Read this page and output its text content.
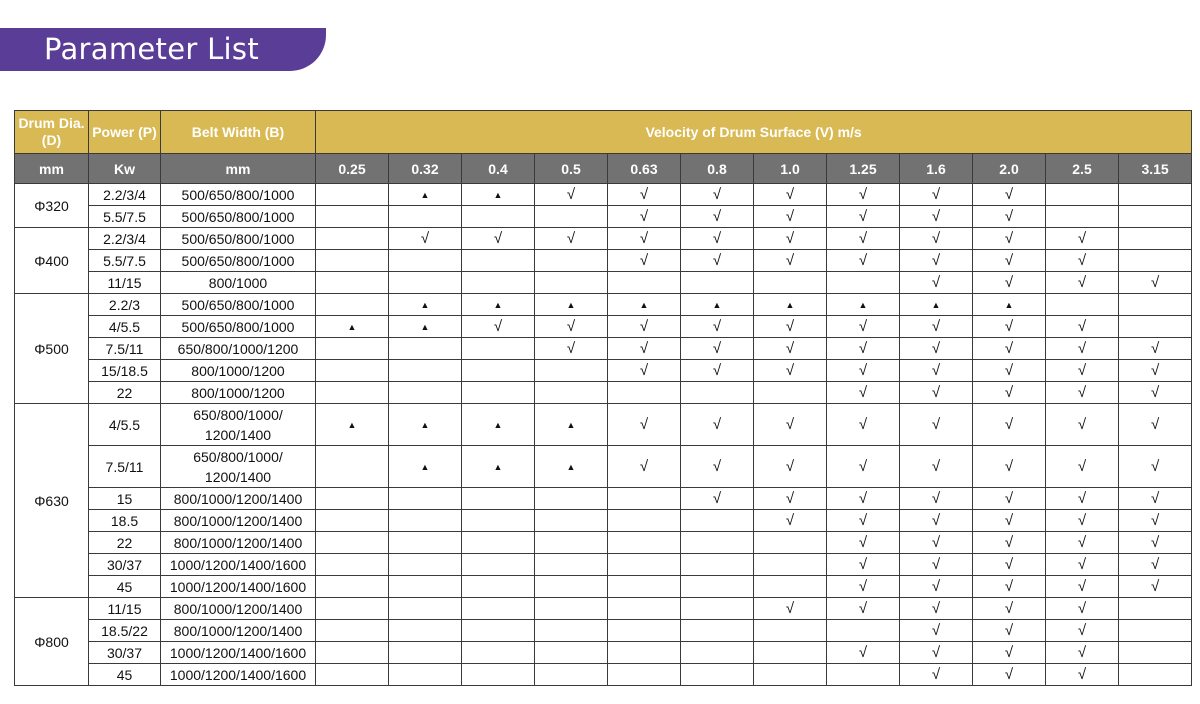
Parameter List
Drum Dia. (D)	Power (P)	Belt Width (B)	Velocity of Drum Surface (V) m/s											
mm	Kw	mm	0.25	0.32	0.4	0.5	0.63	0.8	1.0	1.25	1.6	2.0	2.5	3.15
Φ320	2.2/3/4	500/650/800/1000		▲	▲	√	√	√	√	√	√	√		
	5.5/7.5	500/650/800/1000					√	√	√	√	√	√		
Φ400	2.2/3/4	500/650/800/1000		√	√	√	√	√	√	√	√	√	√	
	5.5/7.5	500/650/800/1000					√	√	√	√	√	√	√	
	11/15	800/1000									√	√	√	√
Φ500	2.2/3	500/650/800/1000		▲	▲	▲	▲	▲	▲	▲	▲	▲		
	4/5.5	500/650/800/1000	▲	▲	√	√	√	√	√	√	√	√	√	
	7.5/11	650/800/1000/1200				√	√	√	√	√	√	√	√	√
	15/18.5	800/1000/1200					√	√	√	√	√	√	√	√
	22	800/1000/1200								√	√	√	√	√
Φ630	4/5.5	650/800/1000/ 1200/1400	▲	▲	▲	▲	√	√	√	√	√	√	√	√
	7.5/11	650/800/1000/ 1200/1400		▲	▲	▲	√	√	√	√	√	√	√	√
	15	800/1000/1200/1400						√	√	√	√	√	√	√
	18.5	800/1000/1200/1400							√	√	√	√	√	√
	22	800/1000/1200/1400								√	√	√	√	√
	30/37	1000/1200/1400/1600								√	√	√	√	√
	45	1000/1200/1400/1600								√	√	√	√	√
Φ800	11/15	800/1000/1200/1400							√	√	√	√	√	
	18.5/22	800/1000/1200/1400									√	√	√	
	30/37	1000/1200/1400/1600								√	√	√	√	
	45	1000/1200/1400/1600									√	√	√	
